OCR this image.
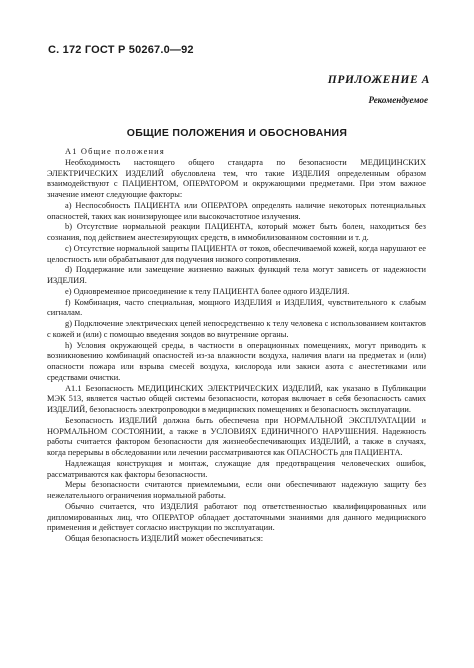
С. 172 ГОСТ Р 50267.0—92
ПРИЛОЖЕНИЕ А
Рекомендуемое
ОБЩИЕ ПОЛОЖЕНИЯ И ОБОСНОВАНИЯ

А1 Общие положения

Необходимость настоящего общего стандарта по безопасности МЕДИЦИНСКИХ ЭЛЕКТРИЧЕСКИХ ИЗДЕЛИЙ обусловлена тем, что такие ИЗДЕЛИЯ определенным образом взаимодействуют с ПАЦИЕНТОМ, ОПЕРАТОРОМ и окружающими предметами. При этом важное значение имеют следующие факторы:

а) Неспособность ПАЦИЕНТА или ОПЕРАТОРА определять наличие некоторых потенциальных опасностей, таких как ионизирующее или высокочастотное излучения.

b) Отсутствие нормальной реакции ПАЦИЕНТА, который может быть болен, находиться без сознания, под действием анестезирующих средств, в иммобилизованном состоянии и т. д.

с) Отсутствие нормальной защиты ПАЦИЕНТА от токов, обеспечиваемой кожей, когда нарушают ее целостность или обрабатывают для подучения низкого сопротивления.

d) Поддержание или замещение жизненно важных функций тела могут зависеть от надежности ИЗДЕЛИЯ.

е) Одновременное присоединение к телу ПАЦИЕНТА более одного ИЗДЕЛИЯ.

f) Комбинация, часто специальная, мощного ИЗДЕЛИЯ и ИЗДЕЛИЯ, чувствительного к слабым сигналам.

g) Подключение электрических цепей непосредственно к телу человека с использованием контактов с кожей и (или) с помощью введения зондов во внутренние органы.

h) Условия окружающей среды, в частности в операционных помещениях, могут приводить к возникновению комбинаций опасностей из-за влажности воздуха, наличия влаги на предметах и (или) опасности пожара или взрыва смесей воздуха, кислорода или закиси азота с анестетиками или средствами очистки.

А1.1 Безопасность МЕДИЦИНСКИХ ЭЛЕКТРИЧЕСКИХ ИЗДЕЛИЙ, как указано в Публикации МЭК 513, является частью общей системы безопасности, которая включает в себя безопасность самих ИЗДЕЛИЙ, безопасность электропроводки в медицинских помещениях и безопасность эксплуатации.

Безопасность ИЗДЕЛИЙ должна быть обеспечена при НОРМАЛЬНОЙ ЭКСПЛУАТАЦИИ и НОРМАЛЬНОМ СОСТОЯНИИ, а также в УСЛОВИЯХ ЕДИНИЧНОГО НАРУШЕНИЯ. Надежность работы считается фактором безопасности для жизнеобеспечивающих ИЗДЕЛИЙ, а также в случаях, когда перерывы в обследовании или лечении рассматриваются как ОПАСНОСТЬ для ПАЦИЕНТА.

Надлежащая конструкция и монтаж, служащие для предотвращения человеческих ошибок, рассматриваются как факторы безопасности.

Меры безопасности считаются приемлемыми, если они обеспечивают надежную защиту без нежелательного ограничения нормальной работы.

Обычно считается, что ИЗДЕЛИЯ работают под ответственностью квалифицированных или дипломированных лиц, что ОПЕРАТОР обладает достаточными знаниями для данного медицинского применения и действует согласно инструкции по эксплуатации.

Общая безопасность ИЗДЕЛИЙ может обеспечиваться:
